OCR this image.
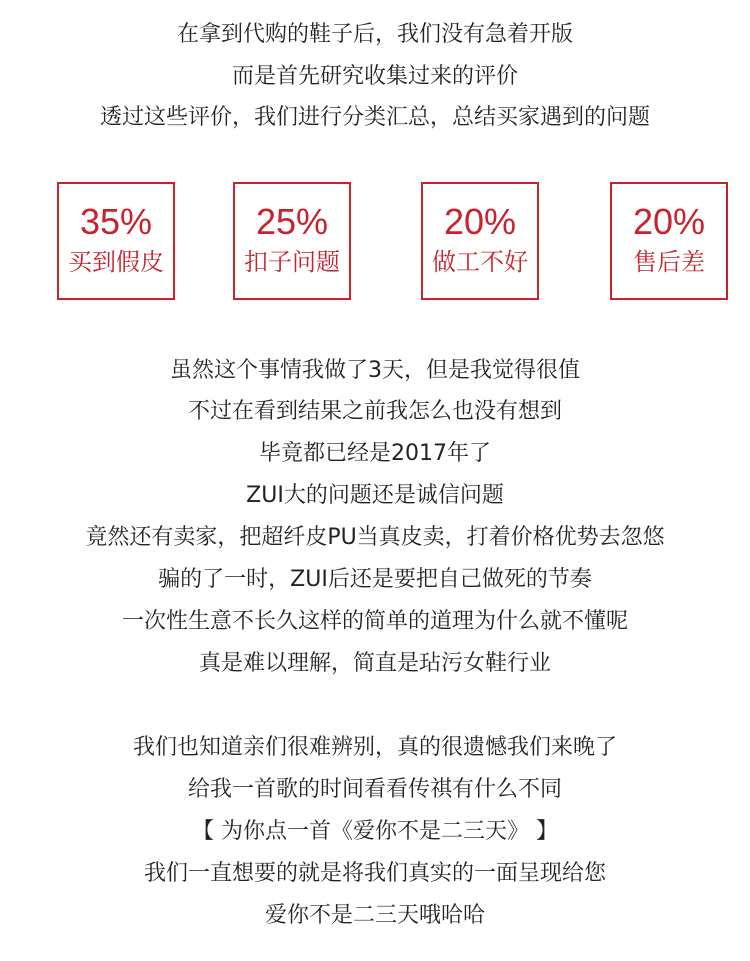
在拿到代购的鞋子后，我们没有急着开版
而是首先研究收集过来的评价
透过这些评价，我们进行分类汇总，总结买家遇到的问题
35%
买到假皮
25%
扣子问题
20%
做工不好
20%
售后差
虽然这个事情我做了3天，但是我觉得很值
不过在看到结果之前我怎么也没有想到
毕竟都已经是2017年了
ZUI大的问题还是诚信问题
竟然还有卖家，把超纤皮PU当真皮卖，打着价格优势去忽悠
骗的了一时，ZUI后还是要把自己做死的节奏
一次性生意不长久这样的简单的道理为什么就不懂呢
真是难以理解，简直是玷污女鞋行业
我们也知道亲们很难辨别，真的很遗憾我们来晚了
给我一首歌的时间看看传祺有什么不同
【 为你点一首《爱你不是二三天》 】
我们一直想要的就是将我们真实的一面呈现给您
爱你不是二三天哦哈哈
